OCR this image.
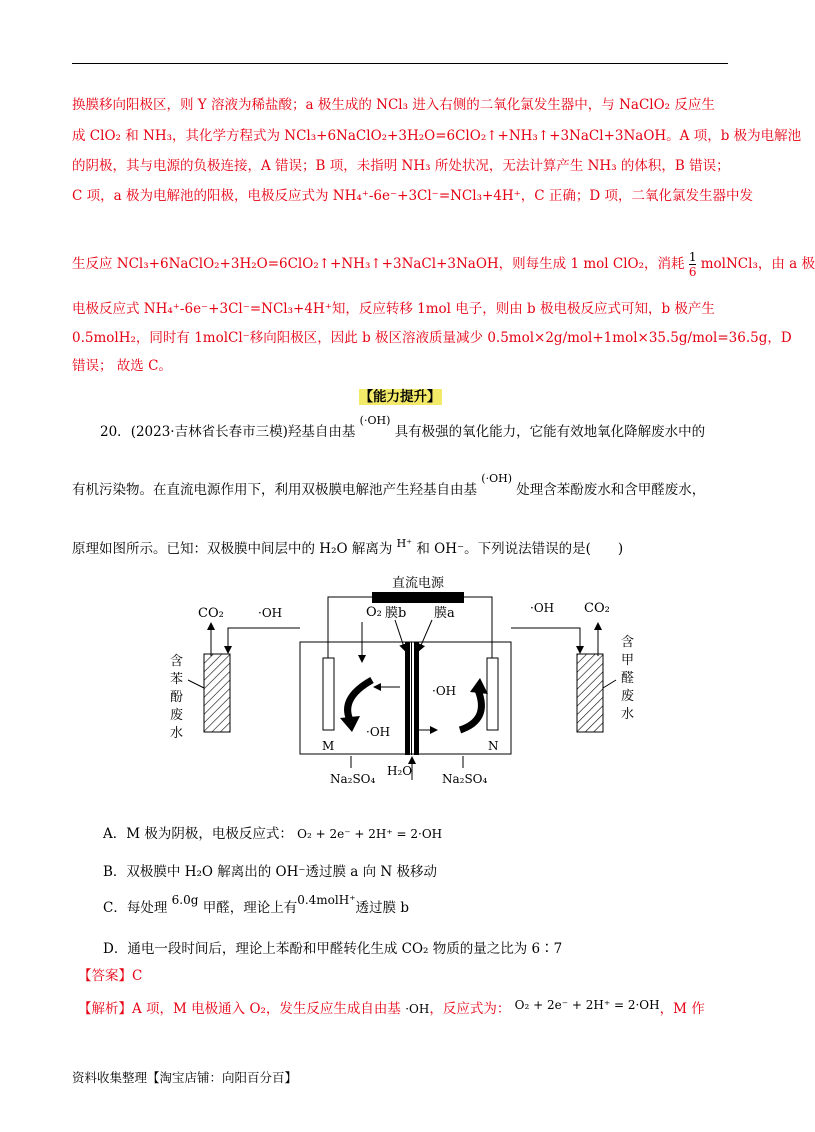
换膜移向阳极区，则 Y 溶液为稀盐酸；a 极生成的 NCl₃ 进入右侧的二氧化氯发生器中，与 NaClO₂ 反应生
成 ClO₂ 和 NH₃，其化学方程式为 NCl₃+6NaClO₂+3H₂O=6ClO₂↑+NH₃↑+3NaCl+3NaOH。A 项，b 极为电解池
的阴极，其与电源的负极连接，A 错误；B 项，未指明 NH₃ 所处状况，无法计算产生 NH₃ 的体积，B 错误；
C 项，a 极为电解池的阳极，电极反应式为 NH₄⁺-6e⁻+3Cl⁻=NCl₃+4H⁺，C 正确；D 项，二氧化氯发生器中发
生反应 NCl₃+6NaClO₂+3H₂O=6ClO₂↑+NH₃↑+3NaCl+3NaOH，则每生成 1 mol ClO₂，消耗 $\frac{1}{6}$ molNCl₃，由 a 极
电极反应式 NH₄⁺-6e⁻+3Cl⁻=NCl₃+4H⁺知，反应转移 1mol 电子，则由 b 极电极反应式可知，b 极产生
0.5molH₂，同时有 1molCl⁻移向阳极区，因此 b 极区溶液质量减少 0.5mol×2g/mol+1mol×35.5g/mol=36.5g，D
错误； 故选 C。
【能力提升】
20．(2023·吉林省长春市三模)羟基自由基 $^{(\cdot OH)}$ 具有极强的氧化能力，它能有效地氧化降解废水中的
有机污染物。在直流电源作用下，利用双极膜电解池产生羟基自由基 $^{(\cdot OH)}$ 处理含苯酚废水和含甲醛废水，
原理如图所示。已知：双极膜中间层中的 H₂O 解离为 $^{H^+}$ 和 OH⁻。下列说法错误的是(　　)
直流电源
O₂ 膜b 膜a
·OH
·OH
M	N
Na₂SO₄
H₂O
Na₂SO₄
CO₂	·OH
含 苯 酚 废 水
·OH CO₂
含 甲 醛 废 水
A．M 极为阴极，电极反应式： O₂ + 2e⁻ + 2H⁺ = 2·OH
B．双极膜中 H₂O 解离出的 OH⁻透过膜 a 向 N 极移动
C．每处理 6.0g 甲醛，理论上有0.4molH⁺透过膜 b
D．通电一段时间后，理论上苯酚和甲醛转化生成 CO₂ 物质的量之比为 6∶7
【答案】C
【解析】A 项，M 电极通入 O₂，发生反应生成自由基 ·OH，反应式为： O₂ + 2e⁻ + 2H⁺ = 2·OH，M 作
资料收集整理【淘宝店铺：向阳百分百】
